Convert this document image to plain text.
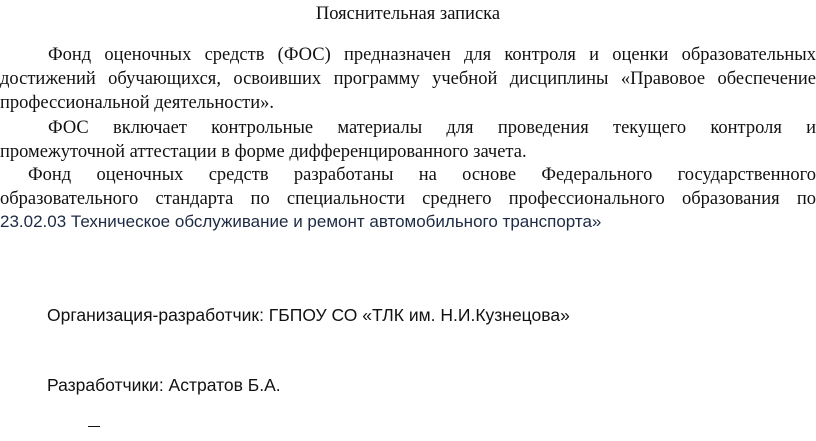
Пояснительная записка
Фонд оценочных средств (ФОС) предназначен для контроля и оценки образовательных
достижений обучающихся, освоивших программу учебной дисциплины «Правовое обеспечение
профессиональной деятельности».
ФОС включает контрольные материалы для проведения текущего контроля и
промежуточной аттестации в форме дифференцированного зачета.
Фонд оценочных средств разработаны на основе Федерального государственного
образовательного стандарта по специальности среднего профессионального образования по
23.02.03 Техническое обслуживание и ремонт автомобильного транспорта»
Организация-разработчик: ГБПОУ СО «ТЛК им. Н.И.Кузнецова»
Разработчики: Астратов Б.А.
